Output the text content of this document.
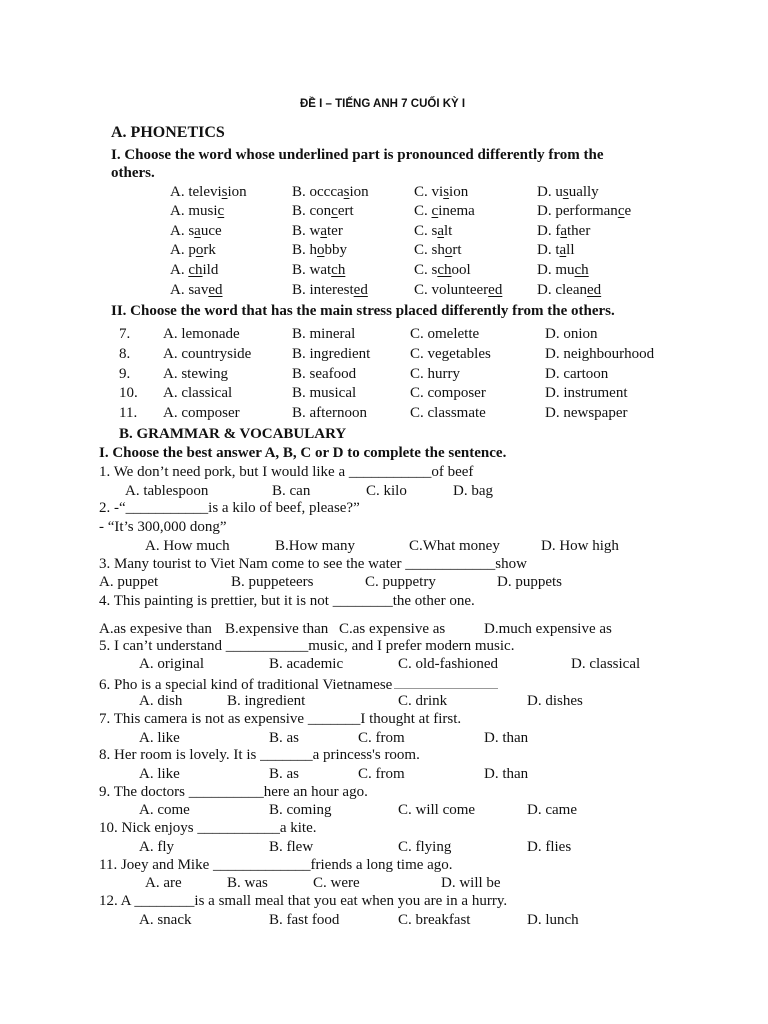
ĐỀ I – TIẾNG ANH 7 CUỐI KỲ I
A. PHONETICS
I. Choose the word whose underlined part is pronounced differently from the
others.
A. television	B. occcasion	C. vision	D. usually
A. music	B. concert	C. cinema	D. performance
A. sauce	B. water	C. salt	D. father
A. pork	B. hobby	C. short	D. tall
A. child	B. watch	C. school	D. much
A. saved	B. interested	C. volunteered D. cleaned
II. Choose the word that has the main stress placed differently from the others.
7. A. lemonade	B. mineral	C. omelette	D. onion
8. A. countryside	B. ingredient	C. vegetables	D. neighbourhood
9. A. stewing	B. seafood	C. hurry	D. cartoon
10. A. classical	B. musical	C. composer	D. instrument
11. A. composer	B. afternoon	C. classmate	D. newspaper
B. GRAMMAR & VOCABULARY
I. Choose the best answer A, B, C or D to complete the sentence.
1. We don’t need pork, but I would like a ___________of beef
A. tablespoon	B. can	C. kilo	D. bag
2. -“___________is a kilo of beef, please?”
- “It’s 300,000 dong”
A. How much	B.How many	C.What money	D. How high
3. Many tourist to Viet Nam come to see the water ____________show
A. puppet	B. puppeteers	C. puppetry	D. puppets
4. This painting is prettier, but it is not ________the other one.
A.as expesive than B.expensive than C.as expensive as	D.much expensive as
5. I can’t understand ___________music, and I prefer modern music.
A. original	B. academic	C. old-fashioned	D. classical
6. Pho is a special kind of traditional Vietnamese
A. dish	B. ingredient	C. drink	D. dishes
7. This camera is not as expensive _______I thought at first.
A. like	B. as	C. from	D. than
8. Her room is lovely. It is _______a princess's room.
A. like	B. as	C. from	D. than
9. The doctors __________here an hour ago.
A. come	B. coming	C. will come	D. came
10. Nick enjoys ___________a kite.
A. fly	B. flew	C. flying	D. flies
11. Joey and Mike _____________friends a long time ago.
A. are	B. was	C. were	D. will be
12. A ________is a small meal that you eat when you are in a hurry.
A. snack	B. fast food	C. breakfast	D. lunch
